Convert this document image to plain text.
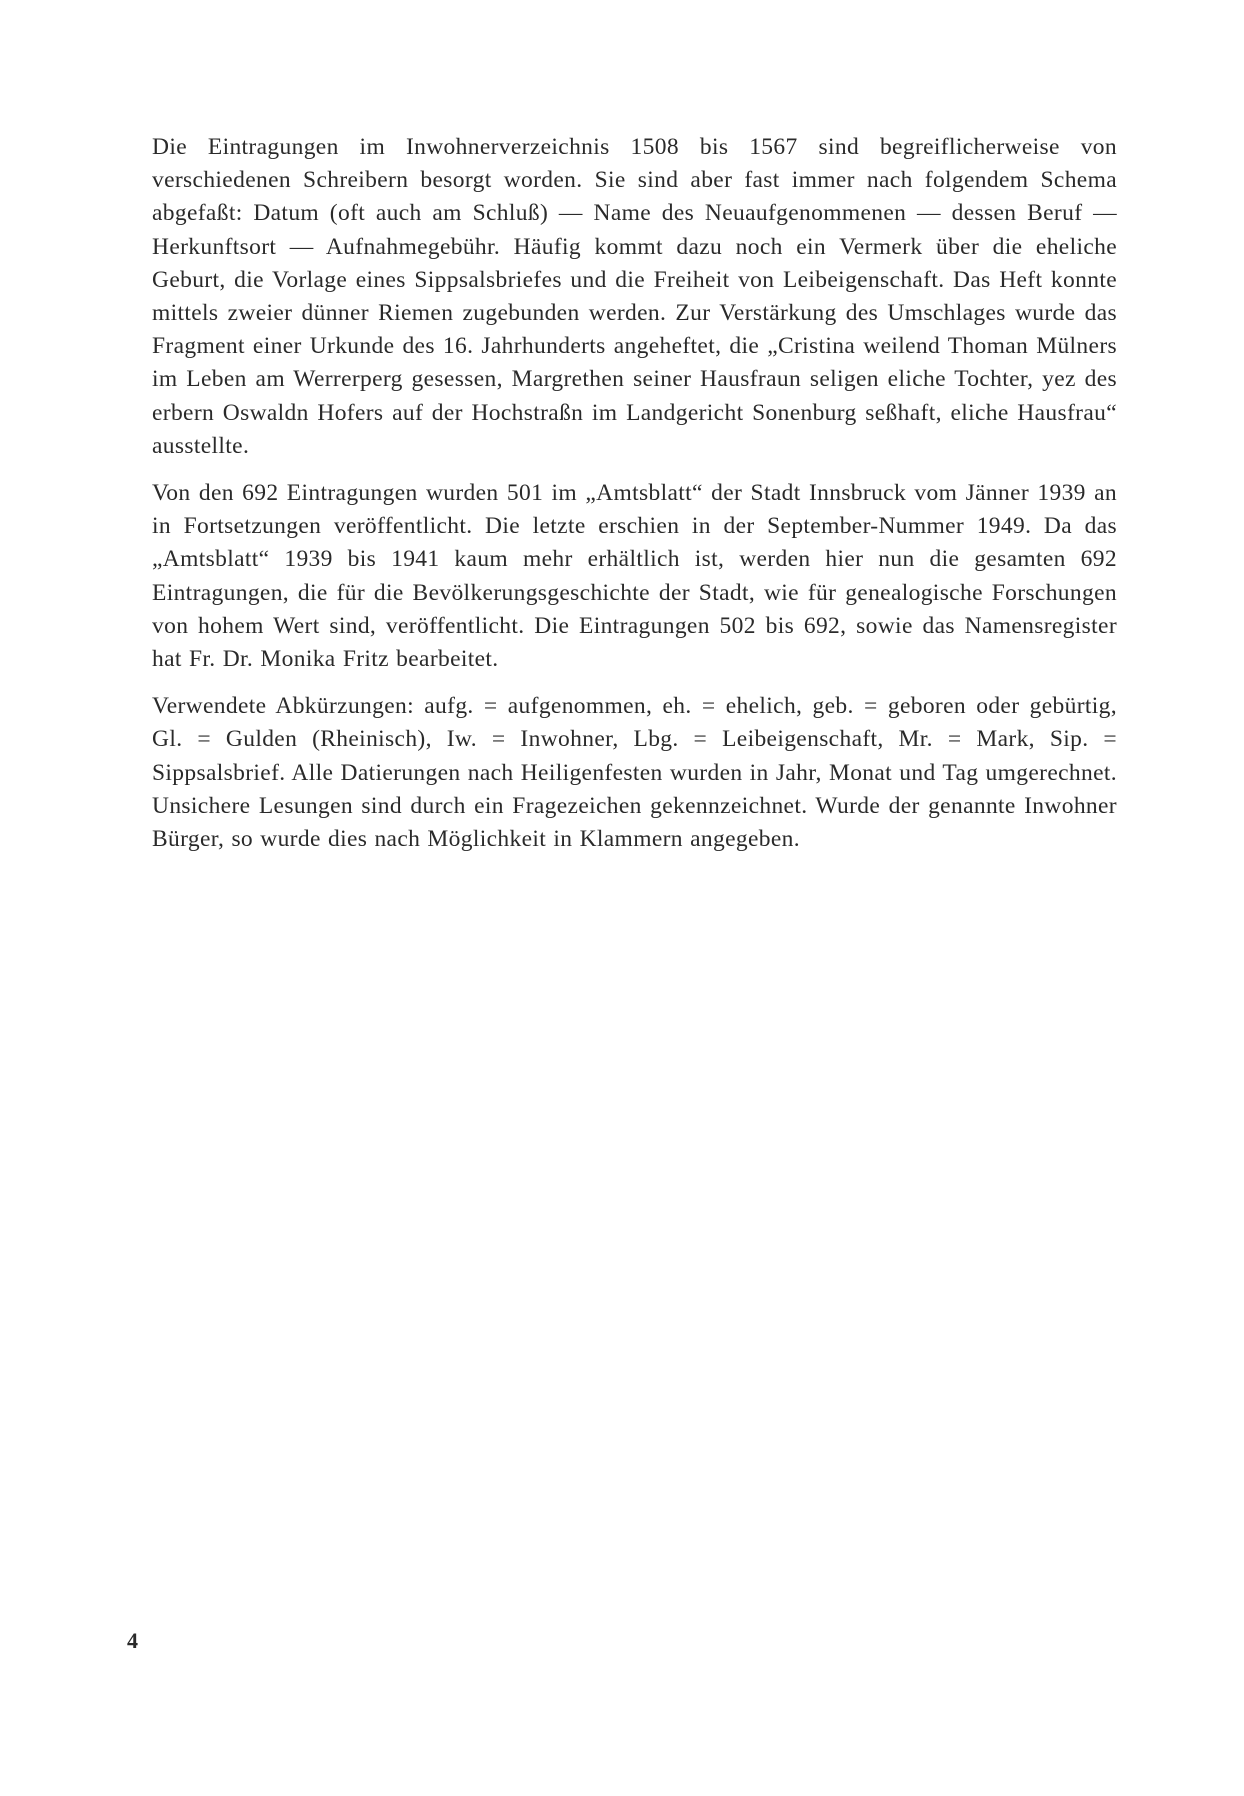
Die Eintragungen im Inwohnerverzeichnis 1508 bis 1567 sind begreiflicherweise von verschiedenen Schreibern besorgt worden. Sie sind aber fast immer nach folgendem Schema abgefaßt: Datum (oft auch am Schluß) — Name des Neuaufgenommenen — dessen Beruf — Herkunftsort — Aufnahmegebühr. Häufig kommt dazu noch ein Vermerk über die eheliche Geburt, die Vorlage eines Sippsalsbriefes und die Freiheit von Leibeigenschaft. Das Heft konnte mittels zweier dünner Riemen zugebunden werden. Zur Verstärkung des Umschlages wurde das Fragment einer Urkunde des 16. Jahrhunderts angeheftet, die „Cristina weilend Thoman Mülners im Leben am Werrerperg gesessen, Margrethen seiner Hausfraun seligen eliche Tochter, yez des erbern Oswaldn Hofers auf der Hochstraßn im Landgericht Sonenburg seßhaft, eliche Hausfrau“ ausstellte.

Von den 692 Eintragungen wurden 501 im „Amtsblatt“ der Stadt Innsbruck vom Jänner 1939 an in Fortsetzungen veröffentlicht. Die letzte erschien in der September-Nummer 1949. Da das „Amtsblatt“ 1939 bis 1941 kaum mehr erhältlich ist, werden hier nun die gesamten 692 Eintragungen, die für die Bevölkerungsgeschichte der Stadt, wie für genealogische Forschungen von hohem Wert sind, veröffentlicht. Die Eintragungen 502 bis 692, sowie das Namensregister hat Fr. Dr. Monika Fritz bearbeitet.

Verwendete Abkürzungen: aufg. = aufgenommen, eh. = ehelich, geb. = geboren oder gebürtig, Gl. = Gulden (Rheinisch), Iw. = Inwohner, Lbg. = Leibeigenschaft, Mr. = Mark, Sip. = Sippsalsbrief. Alle Datierungen nach Heiligenfesten wurden in Jahr, Monat und Tag umgerechnet. Unsichere Lesungen sind durch ein Fragezeichen gekennzeichnet. Wurde der genannte Inwohner Bürger, so wurde dies nach Möglichkeit in Klammern angegeben.

4
